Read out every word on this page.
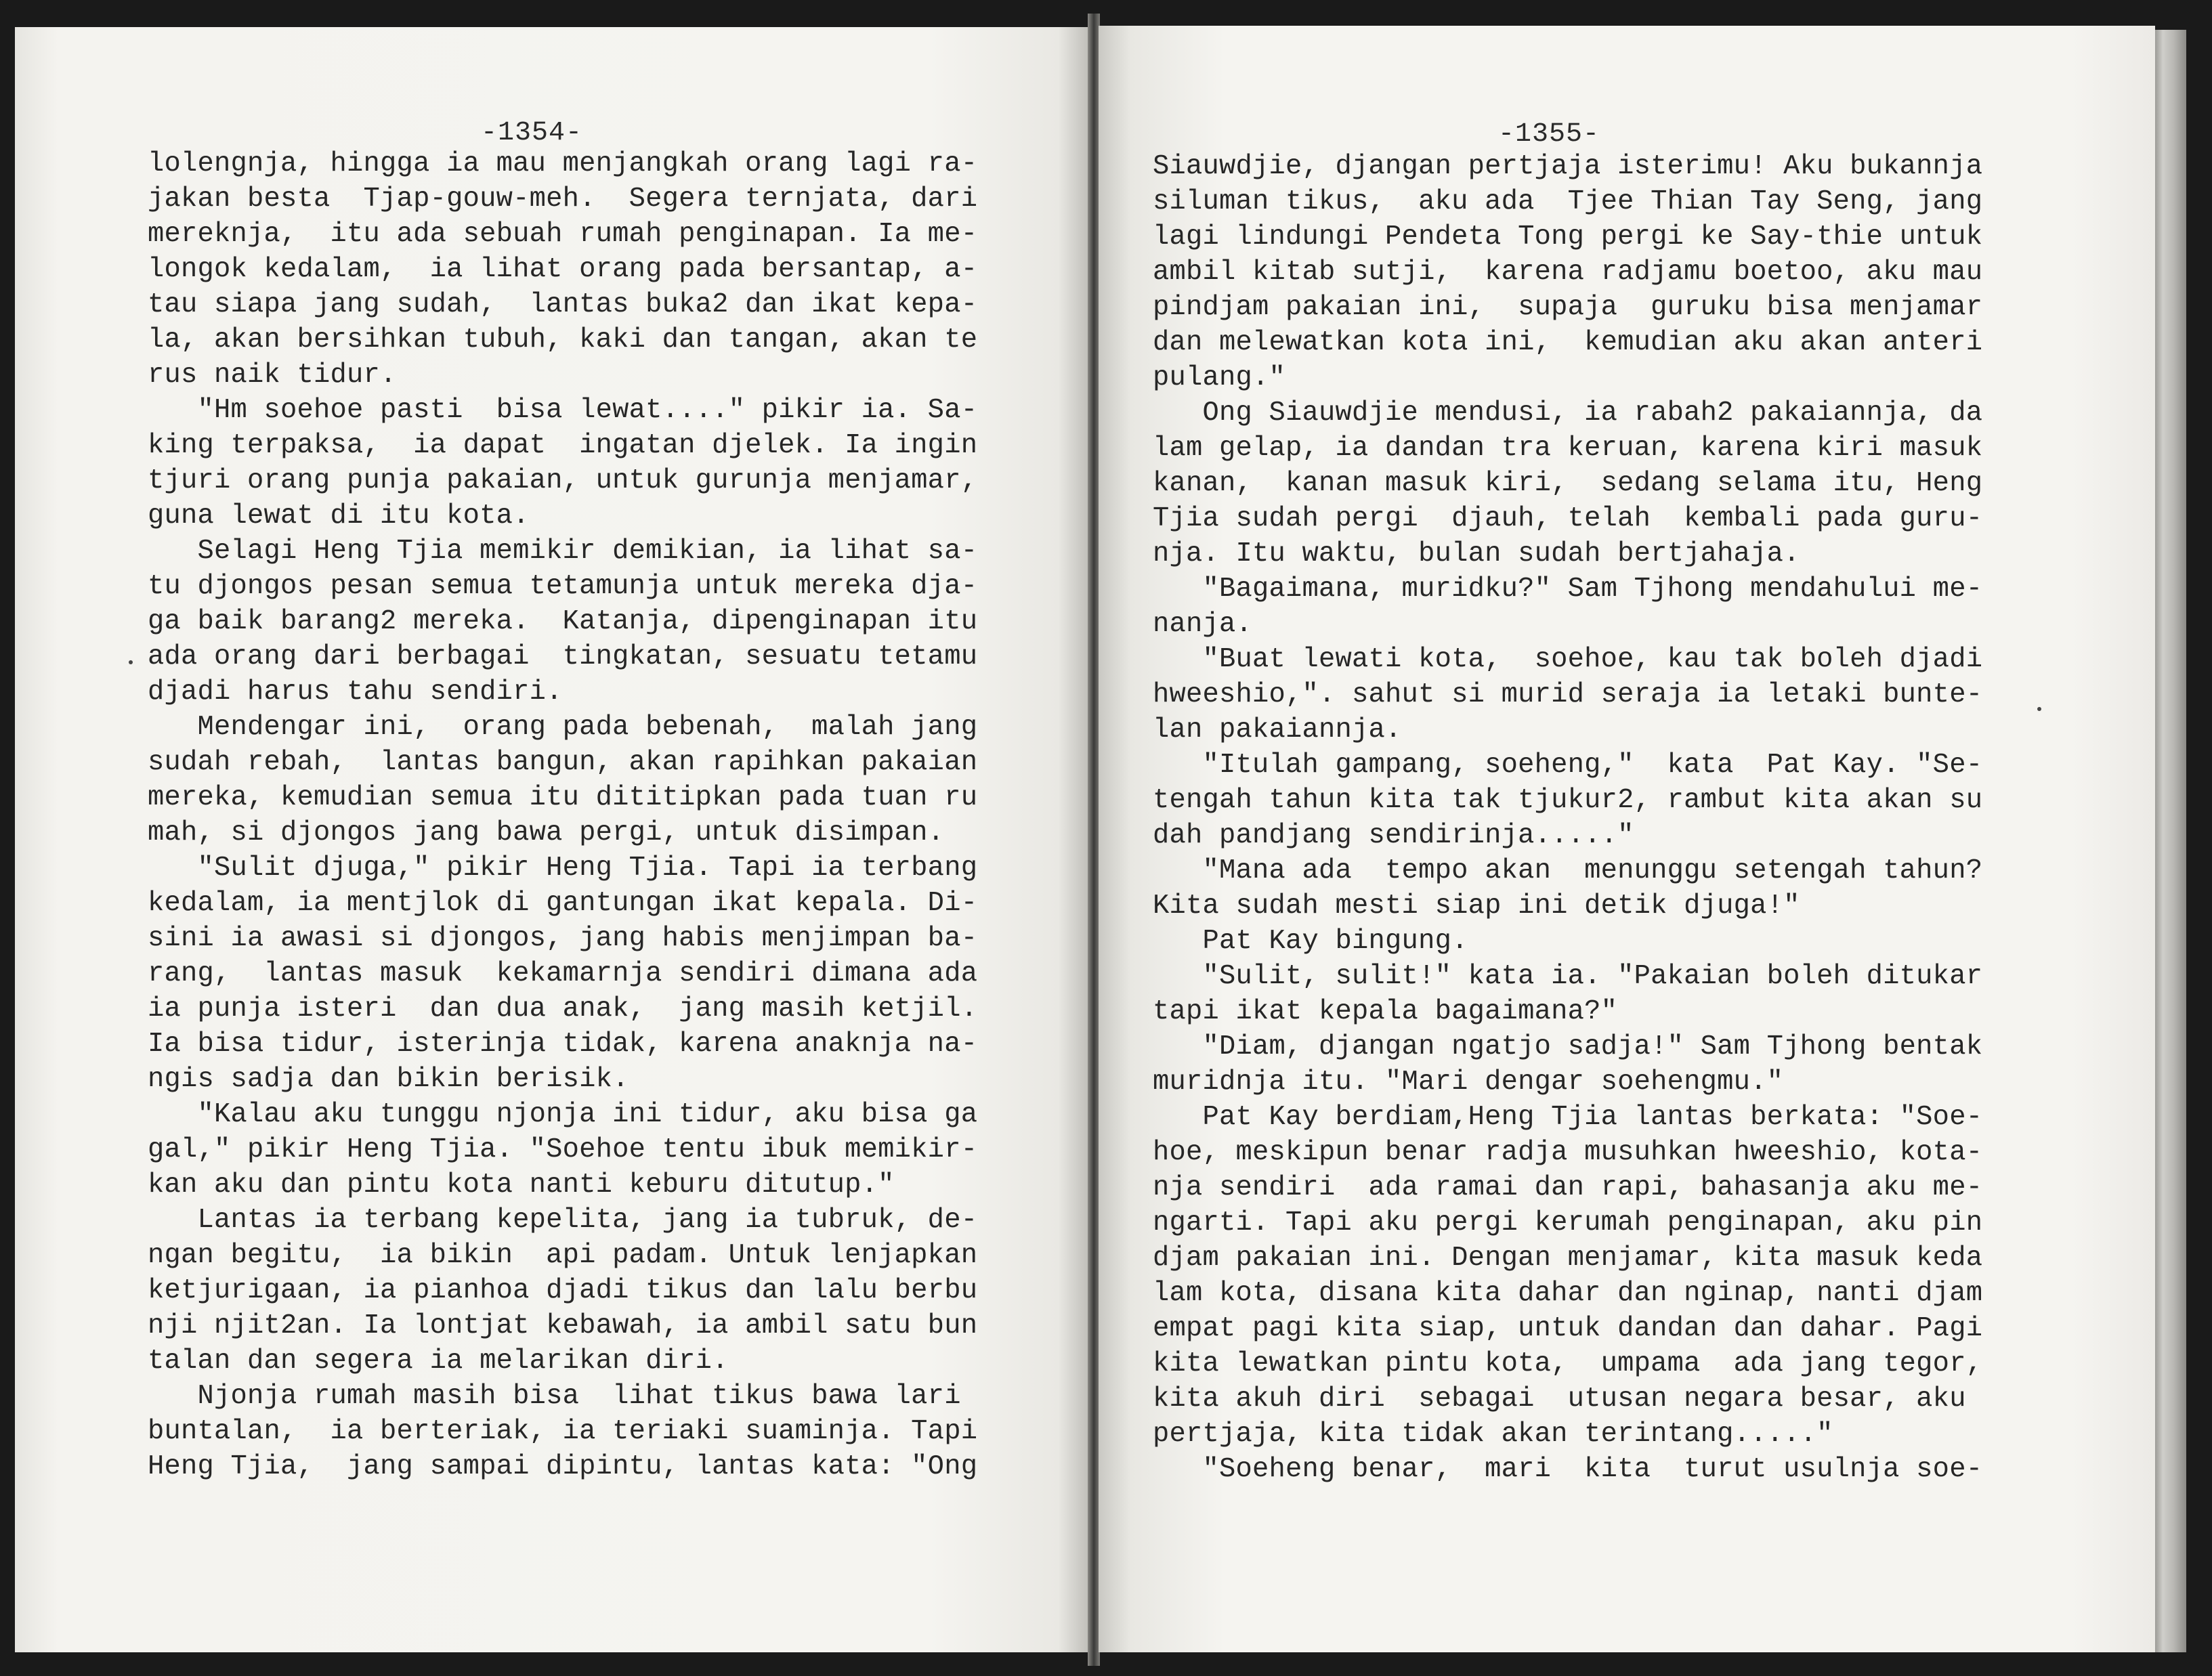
-1354-
lolengnja, hingga ia mau menjangkah orang lagi ra-
jakan besta  Tjap-gouw-meh.  Segera ternjata, dari
mereknja,  itu ada sebuah rumah penginapan. Ia me-
longok kedalam,  ia lihat orang pada bersantap, a-
tau siapa jang sudah,  lantas buka2 dan ikat kepa-
la, akan bersihkan tubuh, kaki dan tangan, akan te
rus naik tidur.
"Hm soehoe pasti  bisa lewat...." pikir ia. Sa-
king terpaksa,  ia dapat  ingatan djelek. Ia ingin
tjuri orang punja pakaian, untuk gurunja menjamar,
guna lewat di itu kota.
Selagi Heng Tjia memikir demikian, ia lihat sa-
tu djongos pesan semua tetamunja untuk mereka dja-
ga baik barang2 mereka.  Katanja, dipenginapan itu
ada orang dari berbagai  tingkatan, sesuatu tetamu
djadi harus tahu sendiri.
Mendengar ini,  orang pada bebenah,  malah jang
sudah rebah,  lantas bangun, akan rapihkan pakaian
mereka, kemudian semua itu dititipkan pada tuan ru
mah, si djongos jang bawa pergi, untuk disimpan.
"Sulit djuga," pikir Heng Tjia. Tapi ia terbang
kedalam, ia mentjlok di gantungan ikat kepala. Di-
sini ia awasi si djongos, jang habis menjimpan ba-
rang,  lantas masuk  kekamarnja sendiri dimana ada
ia punja isteri  dan dua anak,  jang masih ketjil.
Ia bisa tidur, isterinja tidak, karena anaknja na-
ngis sadja dan bikin berisik.
"Kalau aku tunggu njonja ini tidur, aku bisa ga
gal," pikir Heng Tjia. "Soehoe tentu ibuk memikir-
kan aku dan pintu kota nanti keburu ditutup."
Lantas ia terbang kepelita, jang ia tubruk, de-
ngan begitu,  ia bikin  api padam. Untuk lenjapkan
ketjurigaan, ia pianhoa djadi tikus dan lalu berbu
nji njit2an. Ia lontjat kebawah, ia ambil satu bun
talan dan segera ia melarikan diri.
Njonja rumah masih bisa  lihat tikus bawa lari
buntalan,  ia berteriak, ia teriaki suaminja. Tapi
Heng Tjia,  jang sampai dipintu, lantas kata: "Ong
-1355-
Siauwdjie, djangan pertjaja isterimu! Aku bukannja
siluman tikus,  aku ada  Tjee Thian Tay Seng, jang
lagi lindungi Pendeta Tong pergi ke Say-thie untuk
ambil kitab sutji,  karena radjamu boetoo, aku mau
pindjam pakaian ini,  supaja  guruku bisa menjamar
dan melewatkan kota ini,  kemudian aku akan anteri
pulang."
Ong Siauwdjie mendusi, ia rabah2 pakaiannja, da
lam gelap, ia dandan tra keruan, karena kiri masuk
kanan,  kanan masuk kiri,  sedang selama itu, Heng
Tjia sudah pergi  djauh, telah  kembali pada guru-
nja. Itu waktu, bulan sudah bertjahaja.
"Bagaimana, muridku?" Sam Tjhong mendahului me-
nanja.
"Buat lewati kota,  soehoe, kau tak boleh djadi
hweeshio,". sahut si murid seraja ia letaki bunte-
lan pakaiannja.
"Itulah gampang, soeheng,"  kata  Pat Kay. "Se-
tengah tahun kita tak tjukur2, rambut kita akan su
dah pandjang sendirinja....."
"Mana ada  tempo akan  menunggu setengah tahun?
Kita sudah mesti siap ini detik djuga!"
Pat Kay bingung.
"Sulit, sulit!" kata ia. "Pakaian boleh ditukar
tapi ikat kepala bagaimana?"
"Diam, djangan ngatjo sadja!" Sam Tjhong bentak
muridnja itu. "Mari dengar soehengmu."
Pat Kay berdiam,Heng Tjia lantas berkata: "Soe-
hoe, meskipun benar radja musuhkan hweeshio, kota-
nja sendiri  ada ramai dan rapi, bahasanja aku me-
ngarti. Tapi aku pergi kerumah penginapan, aku pin
djam pakaian ini. Dengan menjamar, kita masuk keda
lam kota, disana kita dahar dan nginap, nanti djam
empat pagi kita siap, untuk dandan dan dahar. Pagi
kita lewatkan pintu kota,  umpama  ada jang tegor,
kita akuh diri  sebagai  utusan negara besar, aku
pertjaja, kita tidak akan terintang....."
"Soeheng benar,  mari  kita  turut usulnja soe-
